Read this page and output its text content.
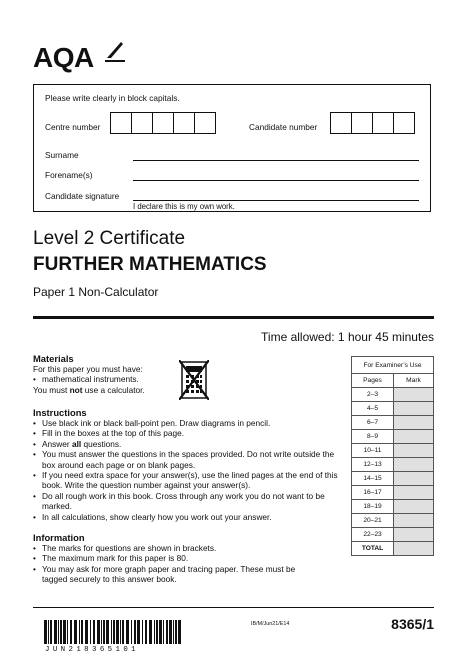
AQA
Please write clearly in block capitals.
Centre number	Candidate number
Surname
Forename(s)
Candidate signature
I declare this is my own work.
Level 2 Certificate
FURTHER MATHEMATICS
Paper 1 Non-Calculator
Time allowed: 1 hour 45 minutes
Materials
For this paper you must have:
• mathematical instruments.
You must not use a calculator.
Instructions
• Use black ink or black ball-point pen. Draw diagrams in pencil.
• Fill in the boxes at the top of this page.
• Answer all questions.
• You must answer the questions in the spaces provided. Do not write outside the box around each page or on blank pages.
• If you need extra space for your answer(s), use the lined pages at the end of this book. Write the question number against your answer(s).
• Do all rough work in this book. Cross through any work you do not want to be marked.
• In all calculations, show clearly how you work out your answer.
Information
• The marks for questions are shown in brackets.
• The maximum mark for this paper is 80.
• You may ask for more graph paper and tracing paper. These must be tagged securely to this answer book.
For Examiner’s Use	
Pages	Mark
2–3	
4–5	
6–7	
8–9	
10–11	
12–13	
14–15	
16–17	
18–19	
20–21	
22–23	
TOTAL	
JUN218365101
IB/M/Jun21/E14	8365/1
